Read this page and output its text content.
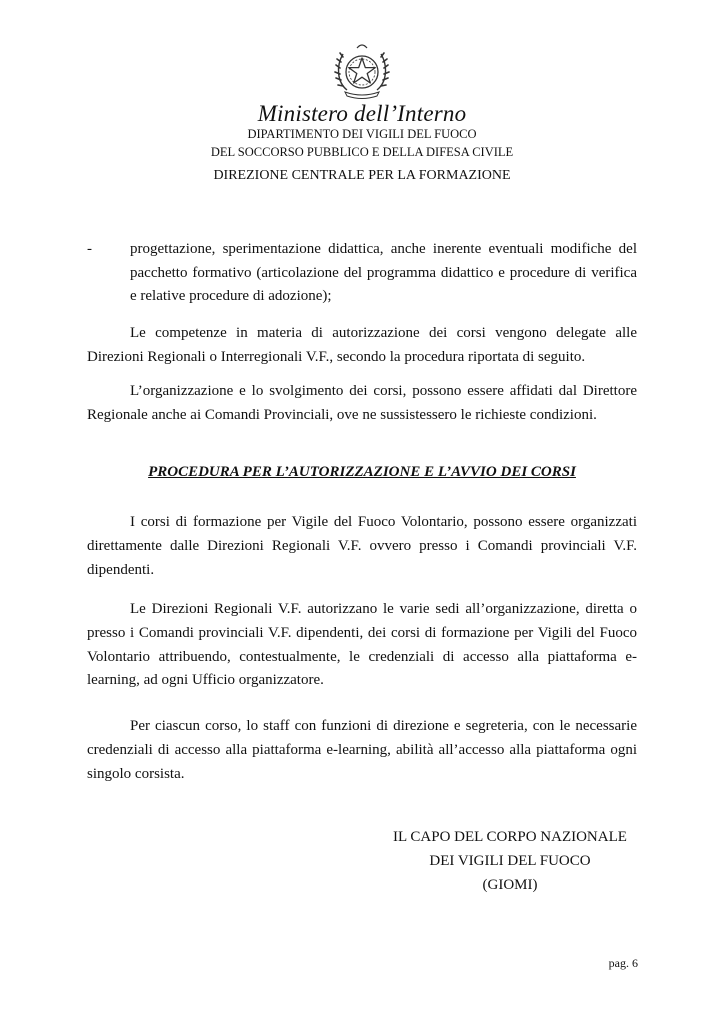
Ministero dell’Interno
DIPARTIMENTO DEI VIGILI DEL FUOCO
DEL SOCCORSO PUBBLICO E DELLA DIFESA CIVILE
DIREZIONE CENTRALE PER LA FORMAZIONE
-	progettazione, sperimentazione didattica, anche inerente eventuali modifiche del pacchetto formativo (articolazione del programma didattico e procedure di verifica e relative procedure di adozione);
Le competenze in materia di autorizzazione dei corsi vengono delegate alle Direzioni Regionali o Interregionali V.F., secondo la procedura riportata di seguito.
L’organizzazione e lo svolgimento dei corsi, possono essere affidati dal Direttore Regionale anche ai Comandi Provinciali, ove ne sussistessero le richieste condizioni.
PROCEDURA PER L’AUTORIZZAZIONE E L’AVVIO DEI CORSI
I corsi di formazione per Vigile del Fuoco Volontario, possono essere organizzati direttamente dalle Direzioni Regionali V.F. ovvero presso i Comandi provinciali V.F. dipendenti.
Le Direzioni Regionali V.F. autorizzano le varie sedi all’organizzazione, diretta o presso i Comandi provinciali V.F. dipendenti, dei corsi di formazione per Vigili del Fuoco Volontario attribuendo, contestualmente, le credenziali di accesso alla piattaforma e-learning, ad ogni Ufficio organizzatore.
Per ciascun corso, lo staff con funzioni di direzione e segreteria, con le necessarie credenziali di accesso alla piattaforma e-learning, abilità all’accesso alla piattaforma ogni singolo corsista.
IL CAPO DEL CORPO NAZIONALE
DEI VIGILI DEL FUOCO
(GIOMI)
pag. 6
